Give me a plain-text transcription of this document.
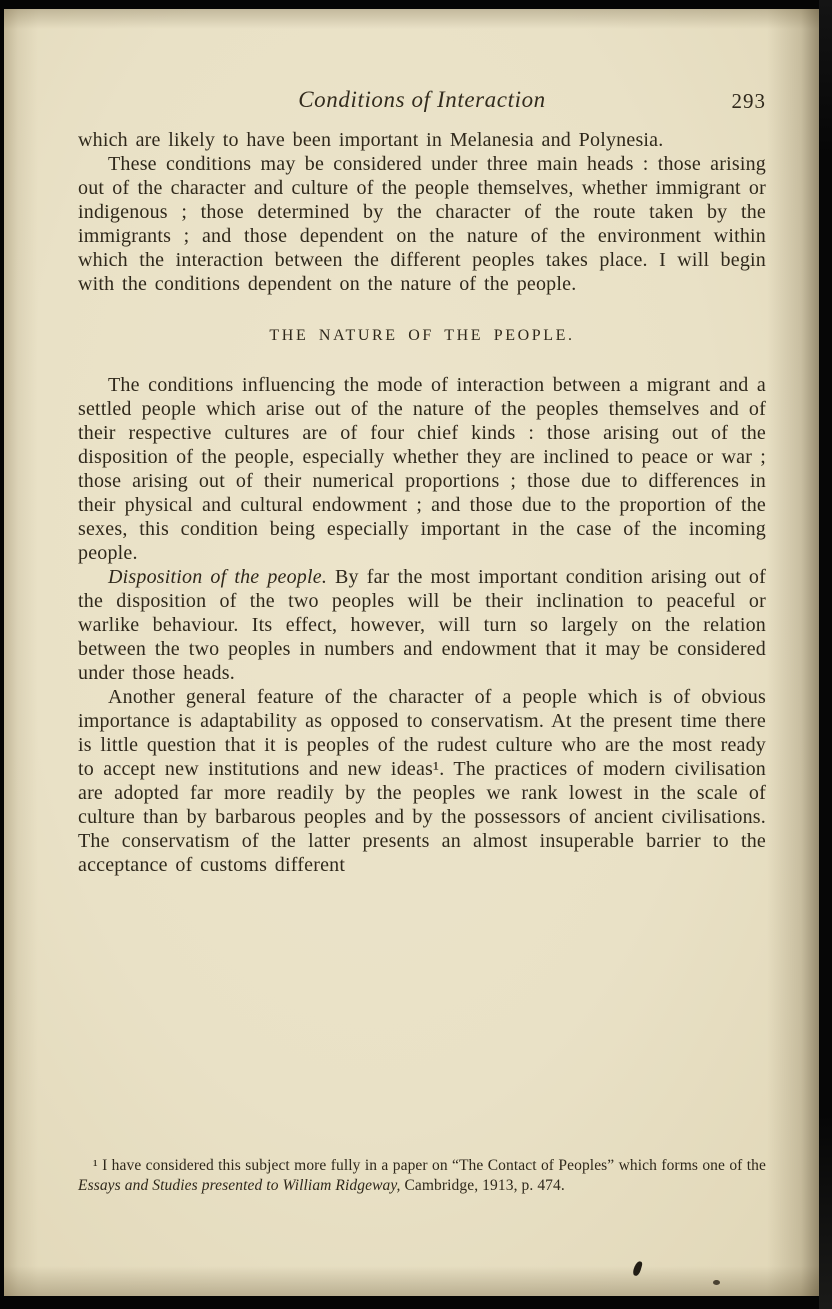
Conditions of Interaction	293

which are likely to have been important in Melanesia and Polynesia.

These conditions may be considered under three main heads : those arising out of the character and culture of the people themselves, whether immigrant or indigenous ; those determined by the character of the route taken by the immigrants ; and those dependent on the nature of the environment within which the interaction between the different peoples takes place. I will begin with the conditions dependent on the nature of the people.

THE NATURE OF THE PEOPLE.

The conditions influencing the mode of interaction between a migrant and a settled people which arise out of the nature of the peoples themselves and of their respective cultures are of four chief kinds : those arising out of the disposition of the people, especially whether they are inclined to peace or war ; those arising out of their numerical proportions ; those due to differences in their physical and cultural endowment ; and those due to the proportion of the sexes, this condition being especially important in the case of the incoming people.

Disposition of the people. By far the most important condition arising out of the disposition of the two peoples will be their inclination to peaceful or warlike behaviour. Its effect, however, will turn so largely on the relation between the two peoples in numbers and endowment that it may be considered under those heads.

Another general feature of the character of a people which is of obvious importance is adaptability as opposed to conservatism. At the present time there is little question that it is peoples of the rudest culture who are the most ready to accept new institutions and new ideas¹. The practices of modern civilisation are adopted far more readily by the peoples we rank lowest in the scale of culture than by barbarous peoples and by the possessors of ancient civilisations. The conservatism of the latter presents an almost insuperable barrier to the acceptance of customs different

¹ I have considered this subject more fully in a paper on “The Contact of Peoples” which forms one of the Essays and Studies presented to William Ridgeway, Cambridge, 1913, p. 474.
